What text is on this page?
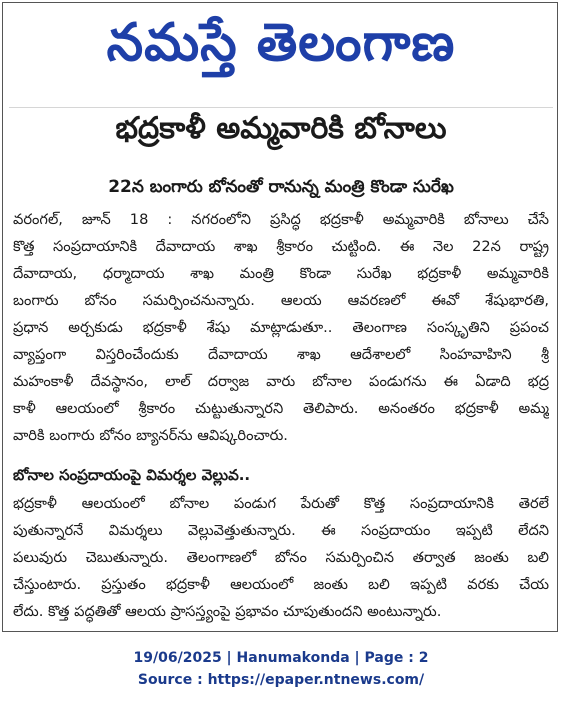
నమస్తే తెలంగాణ
భద్రకాళీ అమ్మవారికి బోనాలు
22న బంగారు బోనంతో రానున్న మంత్రి కొండా సురేఖ
వరంగల్, జూన్ 18 : నగరంలోని ప్రసిద్ధ భద్రకాళీ అమ్మవారికి బోనాలు చేసే
కొత్త సంప్రదాయానికి దేవాదాయ శాఖ శ్రీకారం చుట్టింది. ఈ నెల 22న రాష్ట్ర
దేవాదాయ, ధర్మాదాయ శాఖ మంత్రి కొండా సురేఖ భద్రకాళీ అమ్మవారికి
బంగారు బోనం సమర్పించనున్నారు. ఆలయ ఆవరణలో ఈవో శేషుభారతి,
ప్రధాన అర్చకుడు భద్రకాళీ శేషు మాట్లాడుతూ.. తెలంగాణ సంస్కృతిని ప్రపంచ
వ్యాప్తంగా విస్తరించేందుకు దేవాదాయ శాఖ ఆదేశాలలో సింహవాహిని శ్రీ
మహంకాళీ దేవస్థానం, లాల్ దర్వాజ వారు బోనాల పండుగను ఈ ఏడాది భద్ర
కాళీ ఆలయంలో శ్రీకారం చుట్టుతున్నారని తెలిపారు. అనంతరం భద్రకాళీ అమ్మ
వారికి బంగారు బోనం బ్యానర్‌ను ఆవిష్కరించారు.
బోనాల సంప్రదాయంపై విమర్శల వెల్లువ..
భద్రకాళీ ఆలయంలో బోనాల పండుగ పేరుతో కొత్త సంప్రదాయానికి తెరలే
పుతున్నారనే విమర్శలు వెల్లువెత్తుతున్నారు. ఈ సంప్రదాయం ఇప్పటి లేదని
పలువురు చెబుతున్నారు. తెలంగాణలో బోనం సమర్పించిన తర్వాత జంతు బలి
చేస్తుంటారు. ప్రస్తుతం భద్రకాళీ ఆలయంలో జంతు బలి ఇప్పటి వరకు చేయ
లేదు. కొత్త పద్ధతితో ఆలయ ప్రాసస్త్యంపై ప్రభావం చూపుతుందని అంటున్నారు.
19/06/2025 | Hanumakonda | Page : 2
Source : https://epaper.ntnews.com/
